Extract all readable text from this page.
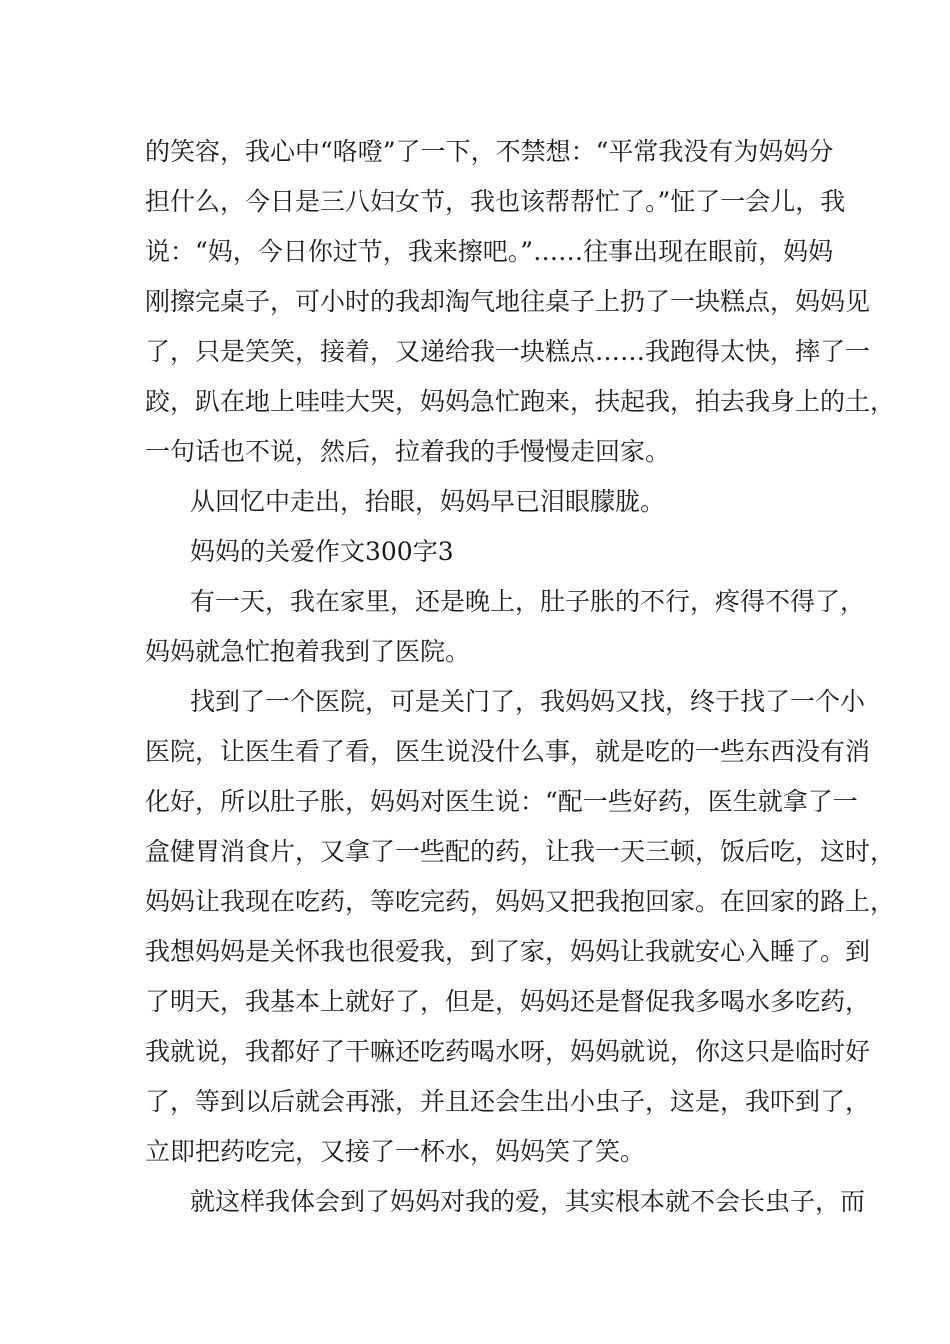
的笑容，我心中“咯噔”了一下，不禁想：“平常我没有为妈妈分
担什么，今日是三八妇女节，我也该帮帮忙了。”怔了一会儿，我
说：“妈，今日你过节，我来擦吧。”……往事出现在眼前，妈妈
刚擦完桌子，可小时的我却淘气地往桌子上扔了一块糕点，妈妈见
了，只是笑笑，接着，又递给我一块糕点……我跑得太快，摔了一
跤，趴在地上哇哇大哭，妈妈急忙跑来，扶起我，拍去我身上的土，
一句话也不说，然后，拉着我的手慢慢走回家。
从回忆中走出，抬眼，妈妈早已泪眼朦胧。
妈妈的关爱作文300字3
有一天，我在家里，还是晚上，肚子胀的不行，疼得不得了，
妈妈就急忙抱着我到了医院。
找到了一个医院，可是关门了，我妈妈又找，终于找了一个小
医院，让医生看了看，医生说没什么事，就是吃的一些东西没有消
化好，所以肚子胀，妈妈对医生说：“配一些好药，医生就拿了一
盒健胃消食片，又拿了一些配的药，让我一天三顿，饭后吃，这时，
妈妈让我现在吃药，等吃完药，妈妈又把我抱回家。在回家的路上，
我想妈妈是关怀我也很爱我，到了家，妈妈让我就安心入睡了。到
了明天，我基本上就好了，但是，妈妈还是督促我多喝水多吃药，
我就说，我都好了干嘛还吃药喝水呀，妈妈就说，你这只是临时好
了，等到以后就会再涨，并且还会生出小虫子，这是，我吓到了，
立即把药吃完，又接了一杯水，妈妈笑了笑。
就这样我体会到了妈妈对我的爱，其实根本就不会长虫子，而
